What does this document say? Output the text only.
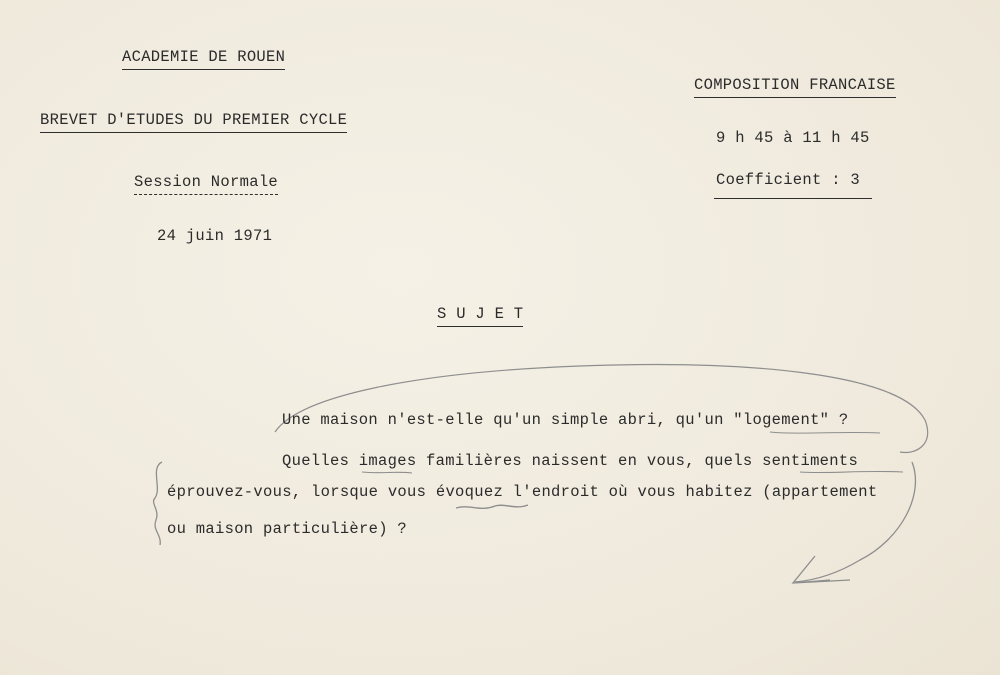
ACADEMIE DE ROUEN
BREVET D'ETUDES DU PREMIER CYCLE
Session Normale
24 juin 1971
COMPOSITION FRANCAISE
9 h 45 à 11 h 45
Coefficient : 3
S U J E T
Une maison n'est-elle qu'un simple abri, qu'un "logement" ?
Quelles images familières naissent en vous, quels sentiments
éprouvez-vous, lorsque vous évoquez l'endroit où vous habitez (appartement
ou maison particulière) ?
